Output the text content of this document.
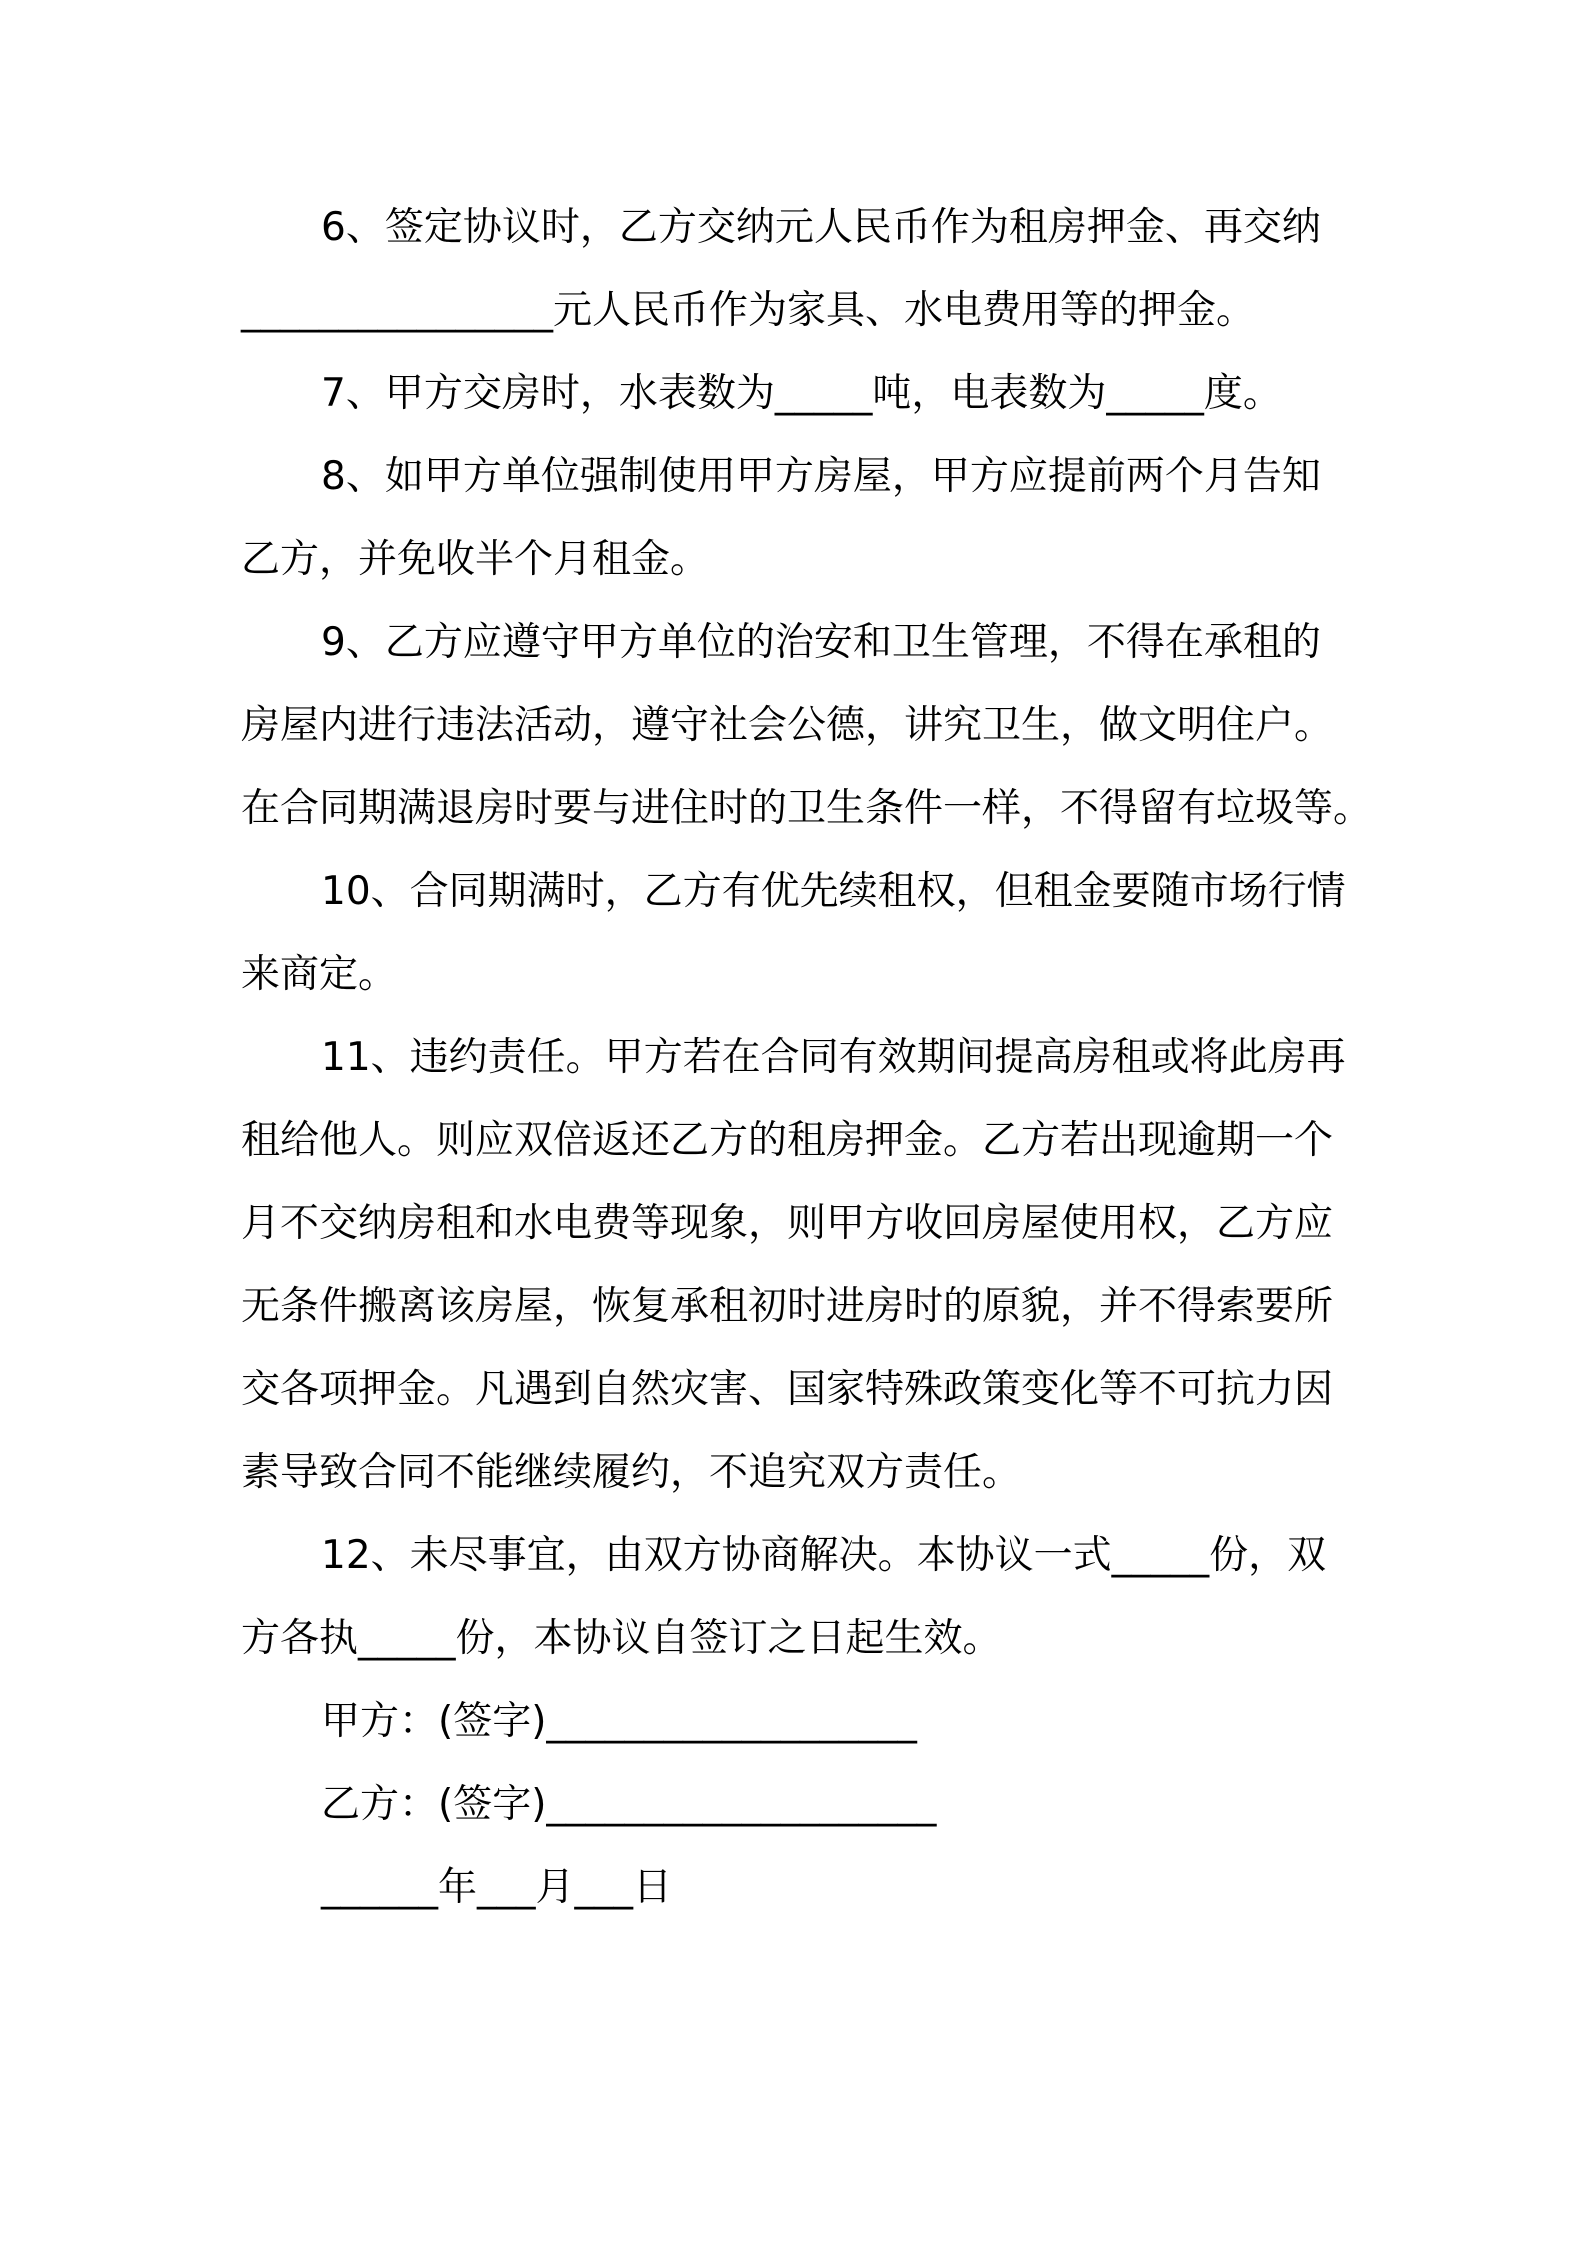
6、签定协议时，乙方交纳元人民币作为租房押金、再交纳
________________元人民币作为家具、水电费用等的押金。
7、甲方交房时，水表数为_____吨，电表数为_____度。
8、如甲方单位强制使用甲方房屋，甲方应提前两个月告知
乙方，并免收半个月租金。
9、乙方应遵守甲方单位的治安和卫生管理，不得在承租的
房屋内进行违法活动，遵守社会公德，讲究卫生，做文明住户。
在合同期满退房时要与进住时的卫生条件一样，不得留有垃圾等。
10、合同期满时，乙方有优先续租权，但租金要随市场行情
来商定。
11、违约责任。甲方若在合同有效期间提高房租或将此房再
租给他人。则应双倍返还乙方的租房押金。乙方若出现逾期一个
月不交纳房租和水电费等现象，则甲方收回房屋使用权，乙方应
无条件搬离该房屋，恢复承租初时进房时的原貌，并不得索要所
交各项押金。凡遇到自然灾害、国家特殊政策变化等不可抗力因
素导致合同不能继续履约，不追究双方责任。
12、未尽事宜，由双方协商解决。本协议一式_____份，双
方各执_____份，本协议自签订之日起生效。
甲方：(签字)___________________
乙方：(签字)____________________
______年___月___日
